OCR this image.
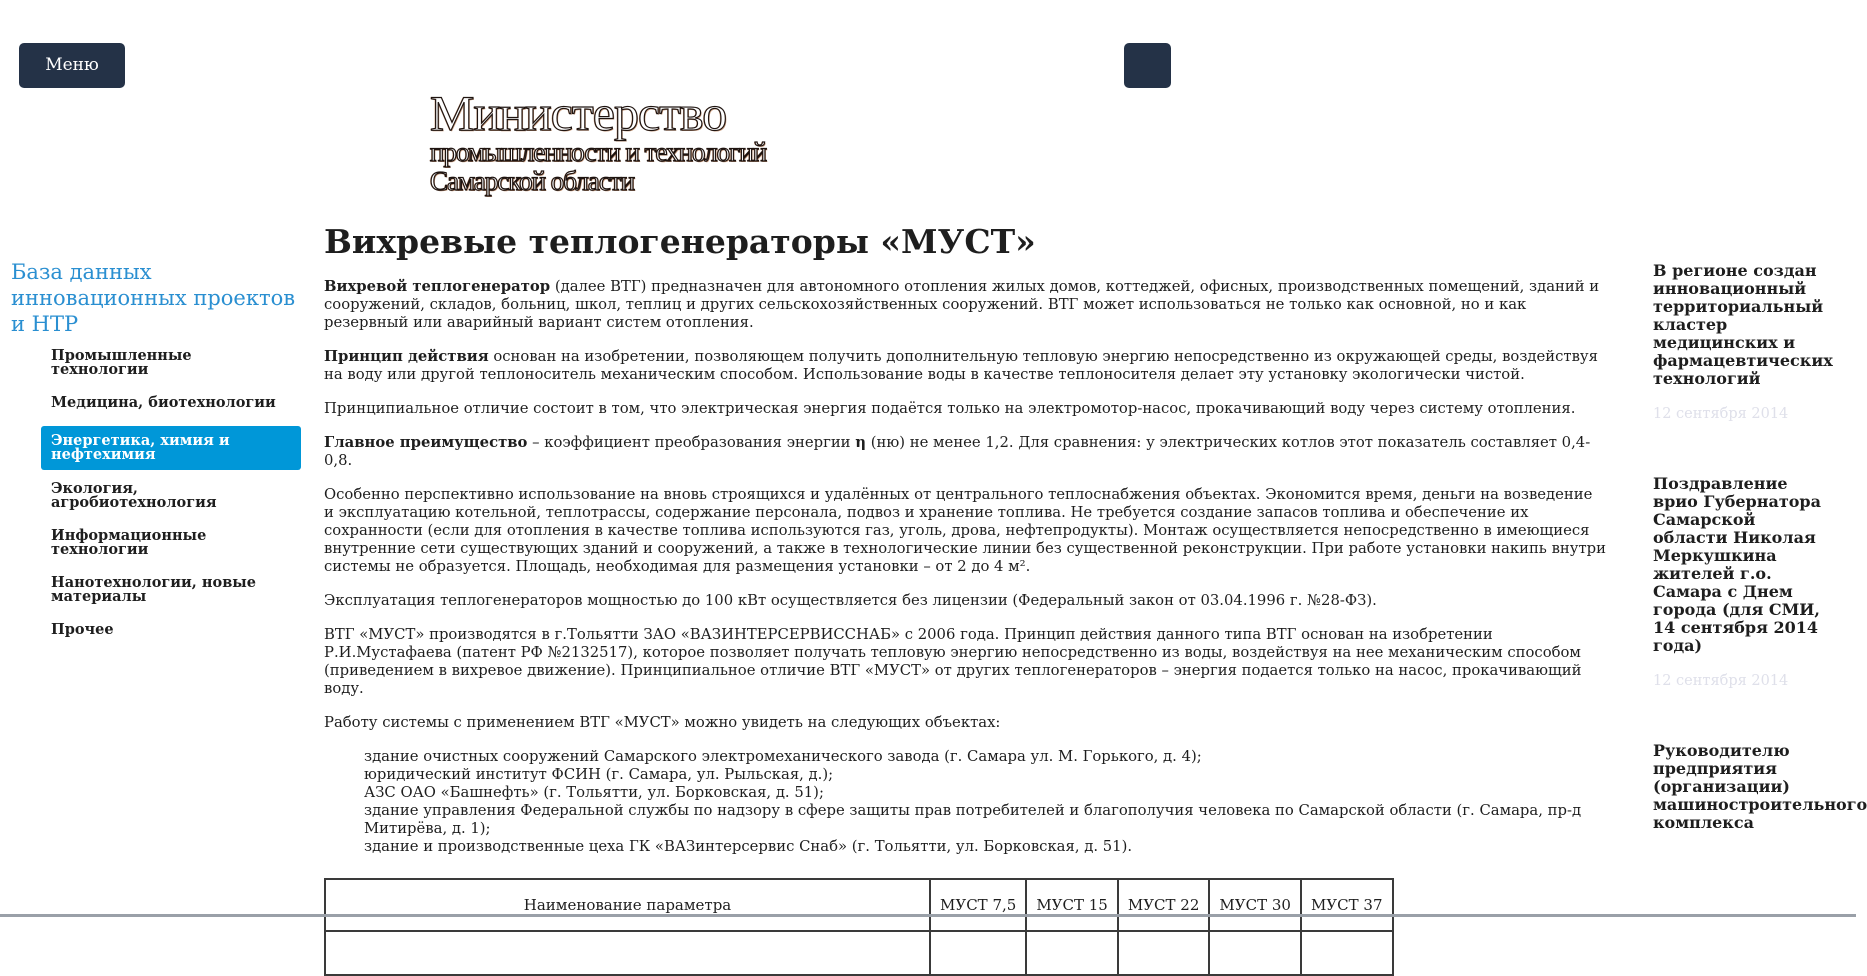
Меню
Министерство
промышленности и технологий
Самарской области
База данных инновационных проектов и НТР
Промышленные технологии
Медицина, биотехнологии
Энергетика, химия и нефтехимия
Экология, агробиотехнология
Информационные технологии
Нанотехнологии, новые материалы
Прочее
Вихревые теплогенераторы «МУСТ»

Вихревой теплогенератор (далее ВТГ) предназначен для автономного отопления жилых домов, коттеджей, офисных, производственных помещений, зданий и сооружений, складов, больниц, школ, теплиц и других сельскохозяйственных сооружений. ВТГ может использоваться не только как основной, но и как резервный или аварийный вариант систем отопления.

Принцип действия основан на изобретении, позволяющем получить дополнительную тепловую энергию непосредственно из окружающей среды, воздействуя на воду или другой теплоноситель механическим способом. Использование воды в качестве теплоносителя делает эту установку экологически чистой.

Принципиальное отличие состоит в том, что электрическая энергия подаётся только на электромотор-насос, прокачивающий воду через систему отопления.

Главное преимущество – коэффициент преобразования энергии η (ню) не менее 1,2. Для сравнения: у электрических котлов этот показатель составляет 0,4-0,8.

Особенно перспективно использование на вновь строящихся и удалённых от центрального теплоснабжения объектах. Экономится время, деньги на возведение и эксплуатацию котельной, теплотрассы, содержание персонала, подвоз и хранение топлива. Не требуется создание запасов топлива и обеспечение их сохранности (если для отопления в качестве топлива используются газ, уголь, дрова, нефтепродукты). Монтаж осуществляется непосредственно в имеющиеся внутренние сети существующих зданий и сооружений, а также в технологические линии без существенной реконструкции. При работе установки накипь внутри системы не образуется. Площадь, необходимая для размещения установки – от 2 до 4 м².

Эксплуатация теплогенераторов мощностью до 100 кВт осуществляется без лицензии (Федеральный закон от 03.04.1996 г. №28-ФЗ).

ВТГ «МУСТ» производятся в г.Тольятти ЗАО «ВАЗИНТЕРСЕРВИССНАБ» с 2006 года. Принцип действия данного типа ВТГ основан на изобретении Р.И.Мустафаева (патент РФ №2132517), которое позволяет получать тепловую энергию непосредственно из воды, воздействуя на нее механическим способом (приведением в вихревое движение). Принципиальное отличие ВТГ «МУСТ» от других теплогенераторов – энергия подается только на насос, прокачивающий воду.

Работу системы с применением ВТГ «МУСТ» можно увидеть на следующих объектах:

здание очистных сооружений Самарского электромеханического завода (г. Самара ул. М. Горького, д. 4);
юридический институт ФСИН (г. Самара, ул. Рыльская, д.);
АЗС ОАО «Башнефть» (г. Тольятти, ул. Борковская, д. 51);
здание управления Федеральной службы по надзору в сфере защиты прав потребителей и благополучия человека по Самарской области (г. Самара, пр-д Митирёва, д. 1);
здание и производственные цеха ГК «ВАЗинтерсервис Снаб» (г. Тольятти, ул. Борковская, д. 51).
Наименование параметра	МУСТ 7,5	МУСТ 15	МУСТ 22	МУСТ 30	МУСТ 37

В регионе создан инновационный территориальный кластер медицинских и фармацевтических технологий
12 сентября 2014
Поздравление врио Губернатора Самарской области Николая Меркушкина жителей г.о. Самара с Днем города (для СМИ, 14 сентября 2014 года)
12 сентября 2014
Руководителю
предприятия
(организации)
машиностроительного
комплекса
